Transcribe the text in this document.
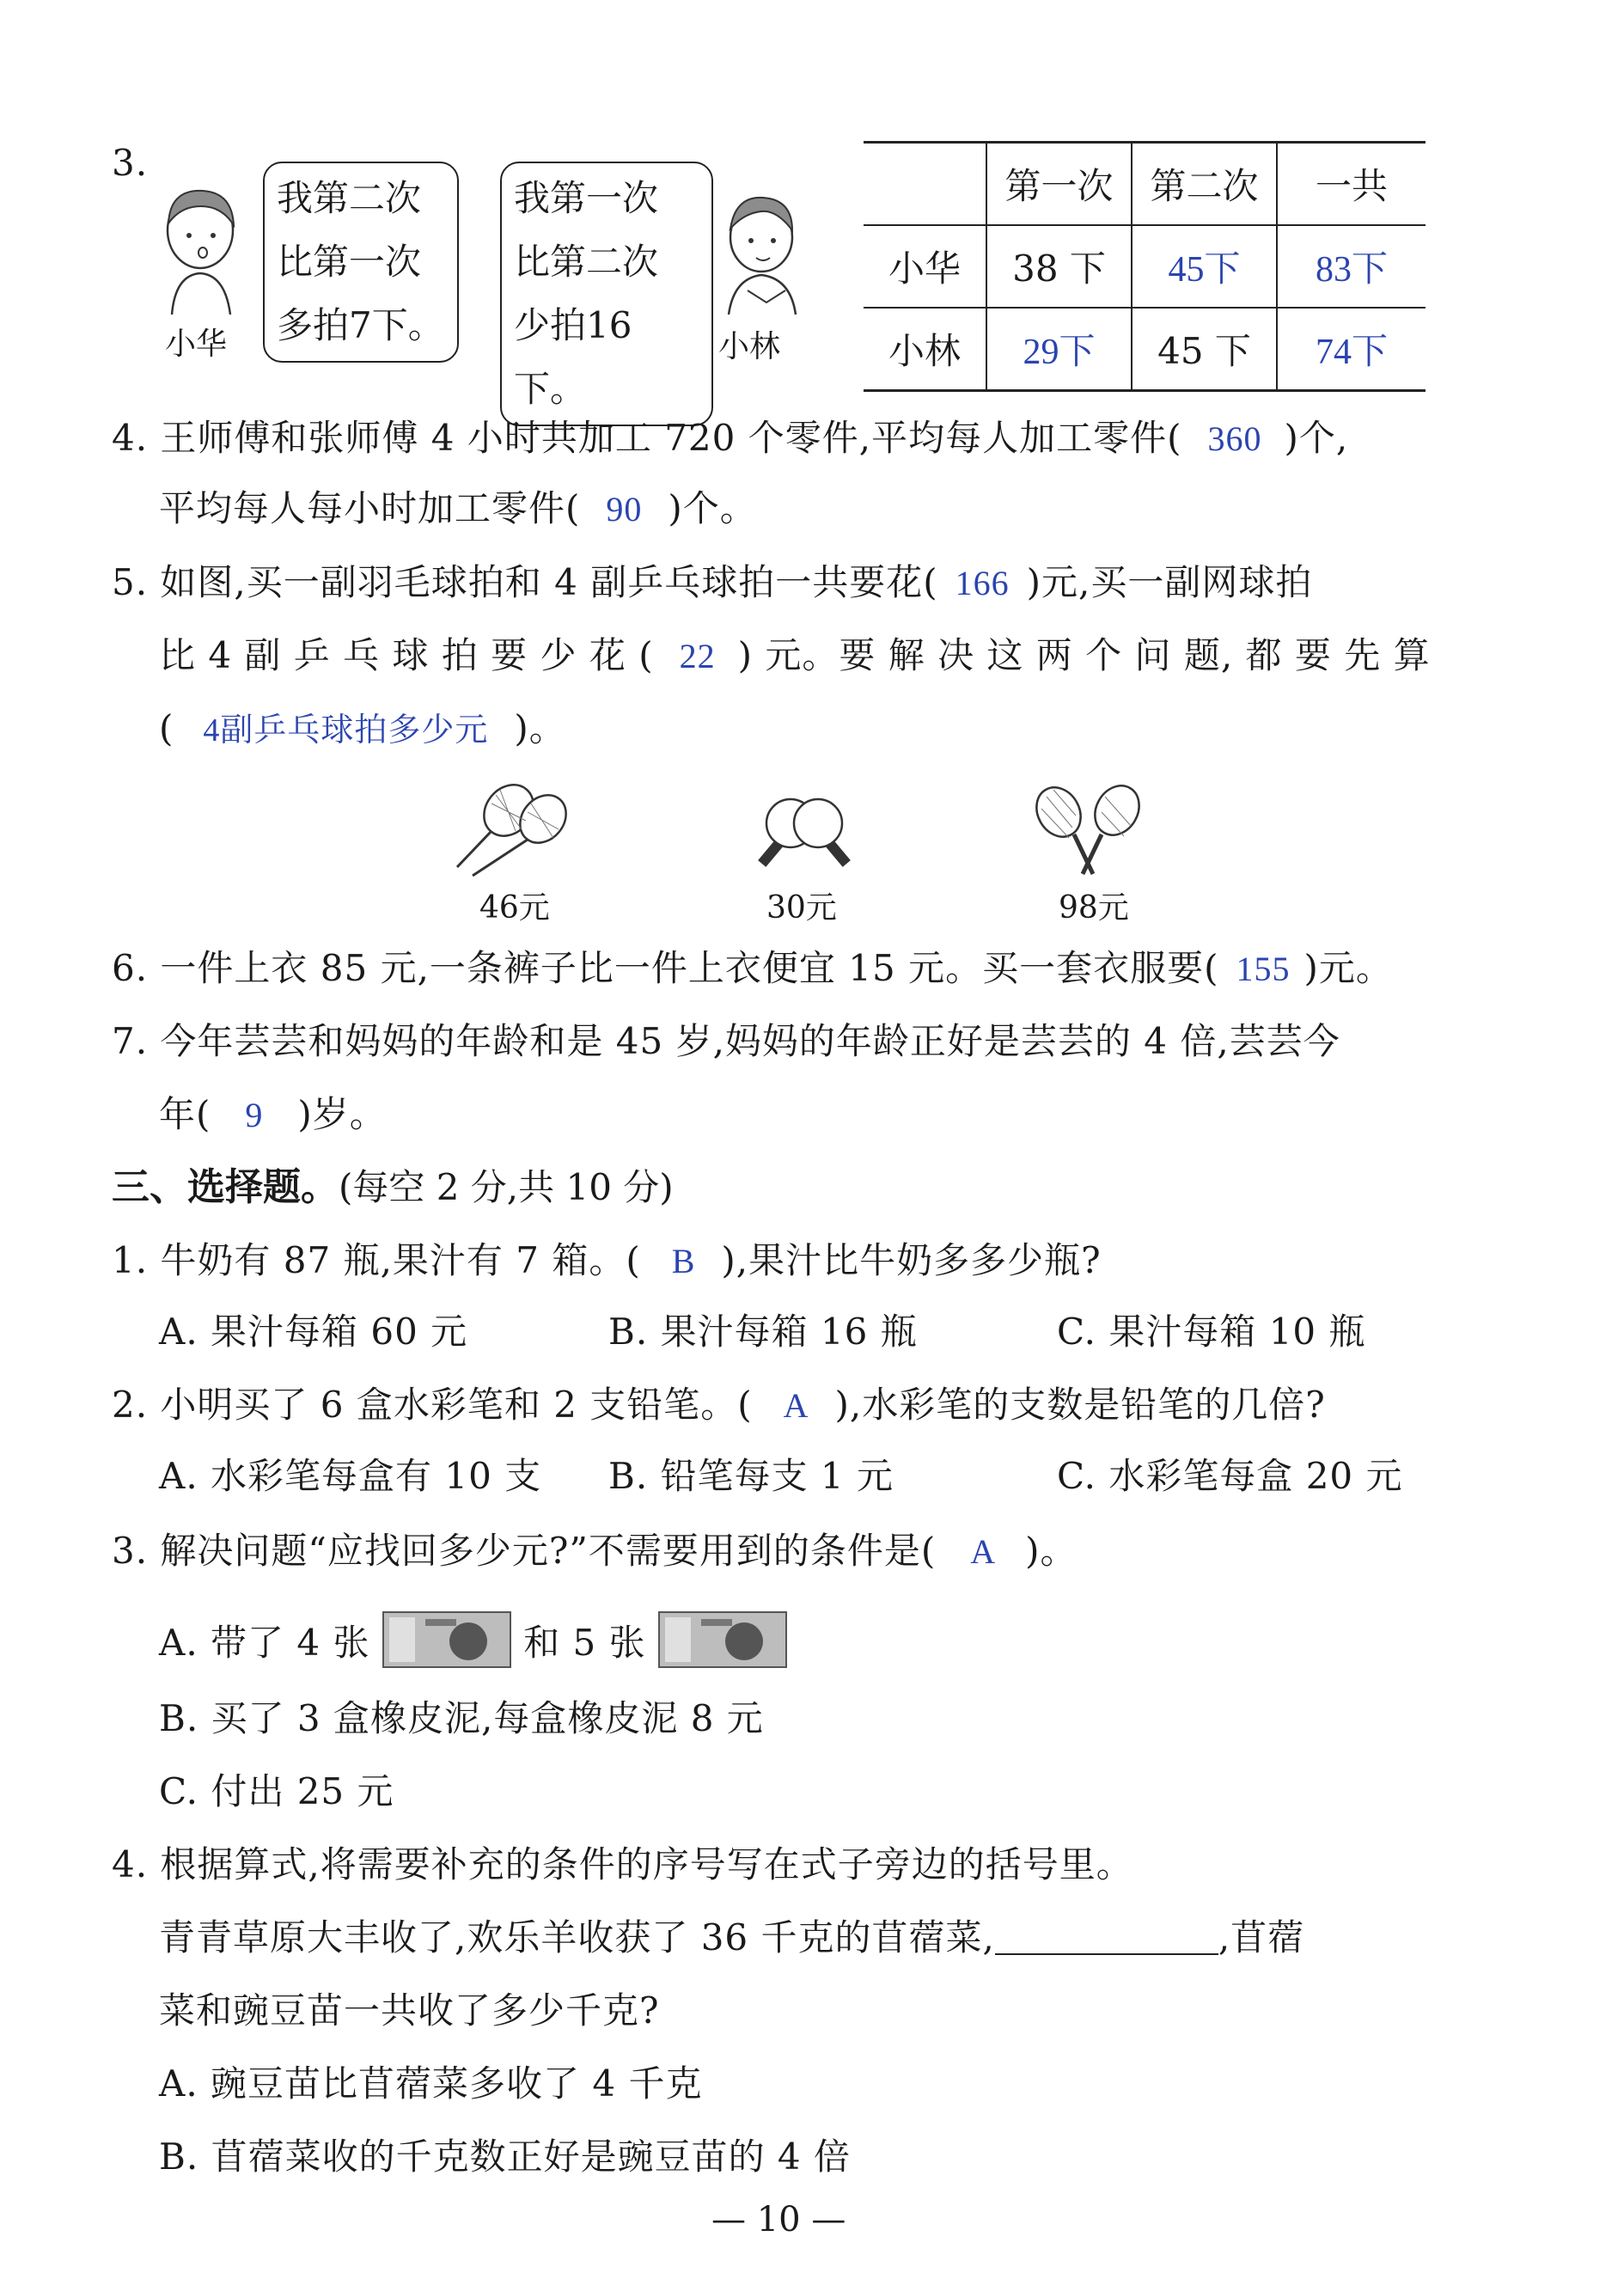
3.
小华
我第二次
比第一次
多拍7下。
我第一次
比第二次
少拍16下。
小林
	第一次	第二次	一共
小华	38 下	45下	83下
小林	29下	45 下	74下
4. 王师傅和张师傅 4 小时共加工 720 个零件,平均每人加工零件( 360 )个,
平均每人每小时加工零件( 90 )个。
5. 如图,买一副羽毛球拍和 4 副乒乓球拍一共要花( 166 )元,买一副网球拍
比 4 副 乒 乓 球 拍 要 少 花 ( 22 ) 元。要 解 决 这 两 个 问 题, 都 要 先 算
( 4副乒乓球拍多少元 )。
46元	30元	98元
6. 一件上衣 85 元,一条裤子比一件上衣便宜 15 元。买一套衣服要( 155 )元。
7. 今年芸芸和妈妈的年龄和是 45 岁,妈妈的年龄正好是芸芸的 4 倍,芸芸今
年( 9 )岁。
三、选择题。(每空 2 分,共 10 分)
1. 牛奶有 87 瓶,果汁有 7 箱。( B ),果汁比牛奶多多少瓶?
A. 果汁每箱 60 元	B. 果汁每箱 16 瓶	C. 果汁每箱 10 瓶
2. 小明买了 6 盒水彩笔和 2 支铅笔。( A ),水彩笔的支数是铅笔的几倍?
A. 水彩笔每盒有 10 支 B. 铅笔每支 1 元	C. 水彩笔每盒 20 元
3. 解决问题“应找回多少元?”不需要用到的条件是( A )。
A. 带了 4 张	和 5 张
B. 买了 3 盒橡皮泥,每盒橡皮泥 8 元
C. 付出 25 元
4. 根据算式,将需要补充的条件的序号写在式子旁边的括号里。
青青草原大丰收了,欢乐羊收获了 36 千克的苜蓿菜,	,苜蓿
菜和豌豆苗一共收了多少千克?
A. 豌豆苗比苜蓿菜多收了 4 千克
B. 苜蓿菜收的千克数正好是豌豆苗的 4 倍
— 10 —
